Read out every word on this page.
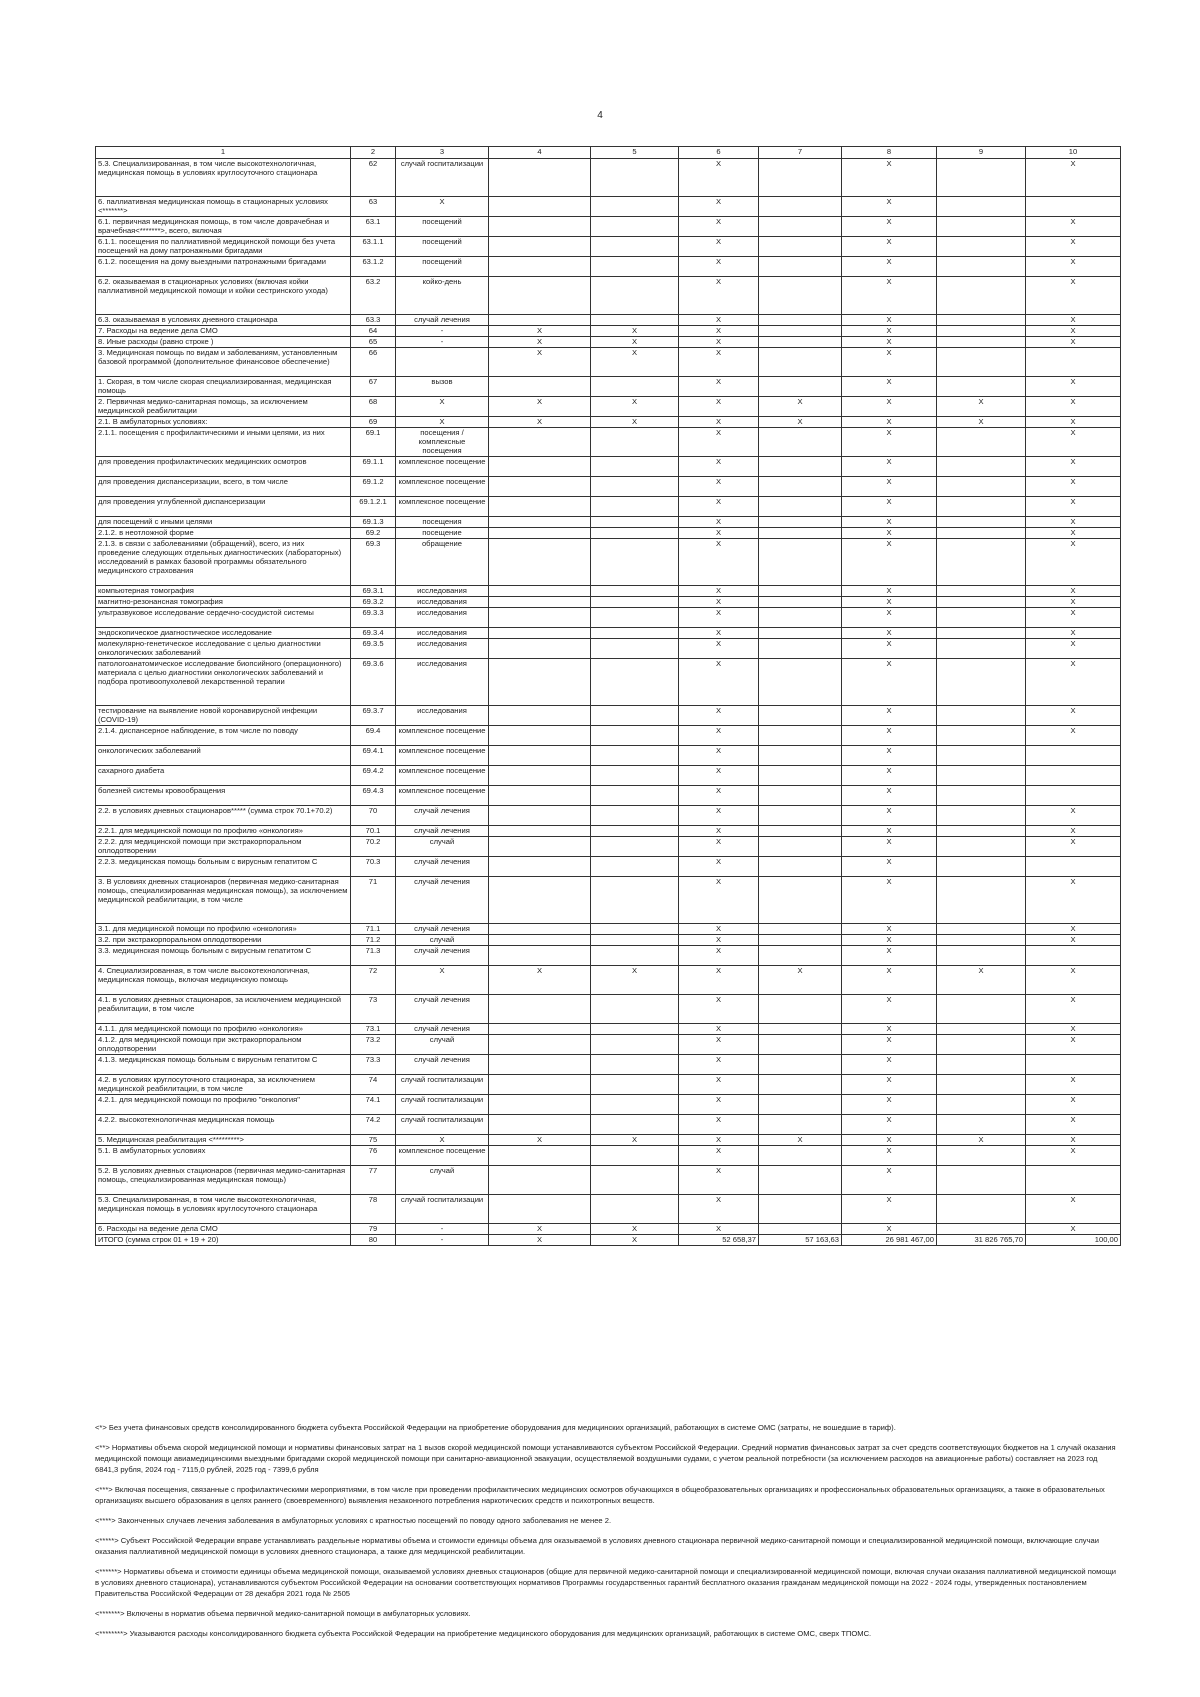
4
1	2	3	4	5	6	7	8	9	10
5.3. Специализированная, в том числе высокотехнологичная, медицинская помощь в условиях круглосуточного стационара	62	случай госпитализации			X		X		X
6. паллиативная медицинская помощь в стационарных условиях <*******>	63	X			X		X		
6.1. первичная медицинская помощь, в том числе доврачебная и врачебная<*******>, всего, включая	63.1	посещений			X		X		X
6.1.1. посещения по паллиативной медицинской помощи без учета посещений на дому патронажными бригадами	63.1.1	посещений			X		X		X
6.1.2. посещения на дому выездными патронажными бригадами	63.1.2	посещений			X		X		X
6.2. оказываемая в стационарных условиях (включая койки паллиативной медицинской помощи и койки сестринского ухода)	63.2	койко-день			X		X		X
6.3. оказываемая в условиях дневного стационара	63.3	случай лечения			X		X		X
7. Расходы на ведение дела СМО	64	-	X	X	X		X		X
8. Иные расходы (равно строке )	65	-	X	X	X		X		X
3. Медицинская помощь по видам и заболеваниям, установленным базовой программой (дополнительное финансовое обеспечение)	66		X	X	X		X		
1. Скорая, в том числе скорая специализированная, медицинская помощь	67	вызов			X		X		X
2. Первичная медико-санитарная помощь, за исключением медицинской реабилитации	68	X	X	X	X	X	X	X	X
2.1. В амбулаторных условиях:	69	X	X	X	X	X	X	X	X
2.1.1. посещения с профилактическими и иными целями, из них	69.1	посещения / комплексные посещения			X		X		X
для проведения профилактических медицинских осмотров	69.1.1	комплексное посещение			X		X		X
для проведения диспансеризации, всего, в том числе	69.1.2	комплексное посещение			X		X		X
для проведения углубленной диспансеризации	69.1.2.1	комплексное посещение			X		X		X
для посещений с иными целями	69.1.3	посещения			X		X		X
2.1.2. в неотложной форме	69.2	посещение			X		X		X
2.1.3. в связи с заболеваниями (обращений), всего, из них проведение следующих отдельных диагностических (лабораторных) исследований в рамках базовой программы обязательного медицинского страхования	69.3	обращение			X		X		X
компьютерная томография	69.3.1	исследования			X		X		X
магнитно-резонансная томография	69.3.2	исследования			X		X		X
ультразвуковое исследование сердечно-сосудистой системы	69.3.3	исследования			X		X		X
эндоскопическое диагностическое исследование	69.3.4	исследования			X		X		X
молекулярно-генетическое исследование с целью диагностики онкологических заболеваний	69.3.5	исследования			X		X		X
патологоанатомическое исследование биопсийного (операционного) материала с целью диагностики онкологических заболеваний и подбора противоопухолевой лекарственной терапии	69.3.6	исследования			X		X		X
тестирование на выявление новой коронавирусной инфекции (COVID-19)	69.3.7	исследования			X		X		X
2.1.4. диспансерное наблюдение, в том числе по поводу	69.4	комплексное посещение			X		X		X
онкологических заболеваний	69.4.1	комплексное посещение			X		X		
сахарного диабета	69.4.2	комплексное посещение			X		X		
болезней системы кровообращения	69.4.3	комплексное посещение			X		X		
2.2. в условиях дневных стационаров***** (сумма строк 70.1+70.2)	70	случай лечения			X		X		X
2.2.1. для медицинской помощи по профилю «онкология»	70.1	случай лечения			X		X		X
2.2.2. для медицинской помощи при экстракорпоральном оплодотворении	70.2	случай			X		X		X
2.2.3. медицинская помощь больным с вирусным гепатитом С	70.3	случай лечения			X		X		
3. В условиях дневных стационаров (первичная медико-санитарная помощь, специализированная медицинская помощь), за исключением медицинской реабилитации, в том числе	71	случай лечения			X		X		X
3.1. для медицинской помощи по профилю «онкология»	71.1	случай лечения			X		X		X
3.2. при экстракорпоральном оплодотворении	71.2	случай			X		X		X
3.3. медицинская помощь больным с вирусным гепатитом С	71.3	случай лечения			X		X		
4. Специализированная, в том числе высокотехнологичная, медицинская помощь, включая медицинскую помощь	72	X	X	X	X	X	X	X	X
4.1. в условиях дневных стационаров, за исключением медицинской реабилитации, в том числе	73	случай лечения			X		X		X
4.1.1. для медицинской помощи по профилю «онкология»	73.1	случай лечения			X		X		X
4.1.2. для медицинской помощи при экстракорпоральном оплодотворении	73.2	случай			X		X		X
4.1.3. медицинская помощь больным с вирусным гепатитом С	73.3	случай лечения			X		X		
4.2. в условиях круглосуточного стационара, за исключением медицинской реабилитации, в том числе	74	случай госпитализации			X		X		X
4.2.1. для медицинской помощи по профилю "онкология"	74.1	случай госпитализации			X		X		X
4.2.2. высокотехнологичная медицинская помощь	74.2	случай госпитализации			X		X		X
5. Медицинская реабилитация <*********>	75	X	X	X	X	X	X	X	X
5.1. В амбулаторных условиях	76	комплексное посещение			X		X		X
5.2. В условиях дневных стационаров (первичная медико-санитарная помощь, специализированная медицинская помощь)	77	случай			X		X		
5.3. Специализированная, в том числе высокотехнологичная, медицинская помощь в условиях круглосуточного стационара	78	случай госпитализации			X		X		X
6. Расходы на ведение дела СМО	79	-	X	X	X		X		X
ИТОГО (сумма строк 01 + 19 + 20)	80	-	X	X	52 658,37	57 163,63	26 981 467,00	31 826 765,70	100,00

<*> Без учета финансовых средств консолидированного бюджета субъекта Российской Федерации на приобретение оборудования для медицинских организаций, работающих в системе ОМС (затраты, не вошедшие в тариф).

<**> Нормативы объема скорой медицинской помощи и нормативы финансовых затрат на 1 вызов скорой медицинской помощи устанавливаются субъектом Российской Федерации. Средний норматив финансовых затрат за счет средств соответствующих бюджетов на 1 случай оказания медицинской помощи авиамедицинскими выездными бригадами скорой медицинской помощи при санитарно-авиационной эвакуации, осуществляемой воздушными судами, с учетом реальной потребности (за исключением расходов на авиационные работы) составляет на 2023 год 6841,3 рубля, 2024 год - 7115,0 рублей, 2025 год - 7399,6 рубля

<***> Включая посещения, связанные с профилактическими мероприятиями, в том числе при проведении профилактических медицинских осмотров обучающихся в общеобразовательных организациях и профессиональных образовательных организациях, а также в образовательных организациях высшего образования в целях раннего (своевременного) выявления незаконного потребления наркотических средств и психотропных веществ.

<****> Законченных случаев лечения заболевания в амбулаторных условиях с кратностью посещений по поводу одного заболевания не менее 2.

<*****> Субъект Российской Федерации вправе устанавливать раздельные нормативы объема и стоимости единицы объема для оказываемой в условиях дневного стационара первичной медико-санитарной помощи и специализированной медицинской помощи, включающие случаи оказания паллиативной медицинской помощи в условиях дневного стационара, а также для медицинской реабилитации.

<******> Нормативы объема и стоимости единицы объема медицинской помощи, оказываемой условиях дневных стационаров (общие для первичной медико-санитарной помощи и специализированной медицинской помощи, включая случаи оказания паллиативной медицинской помощи в условиях дневного стационара), устанавливаются субъектом Российской Федерации на основании соответствующих нормативов Программы государственных гарантий бесплатного оказания гражданам медицинской помощи на 2022 - 2024 годы, утвержденных постановлением Правительства Российской Федерации от 28 декабря 2021 года № 2505

<*******> Включены в норматив объема первичной медико-санитарной помощи в амбулаторных условиях.

<********> Указываются расходы консолидированного бюджета субъекта Российской Федерации на приобретение медицинского оборудования для медицинских организаций, работающих в системе ОМС, сверх ТПОМС.
